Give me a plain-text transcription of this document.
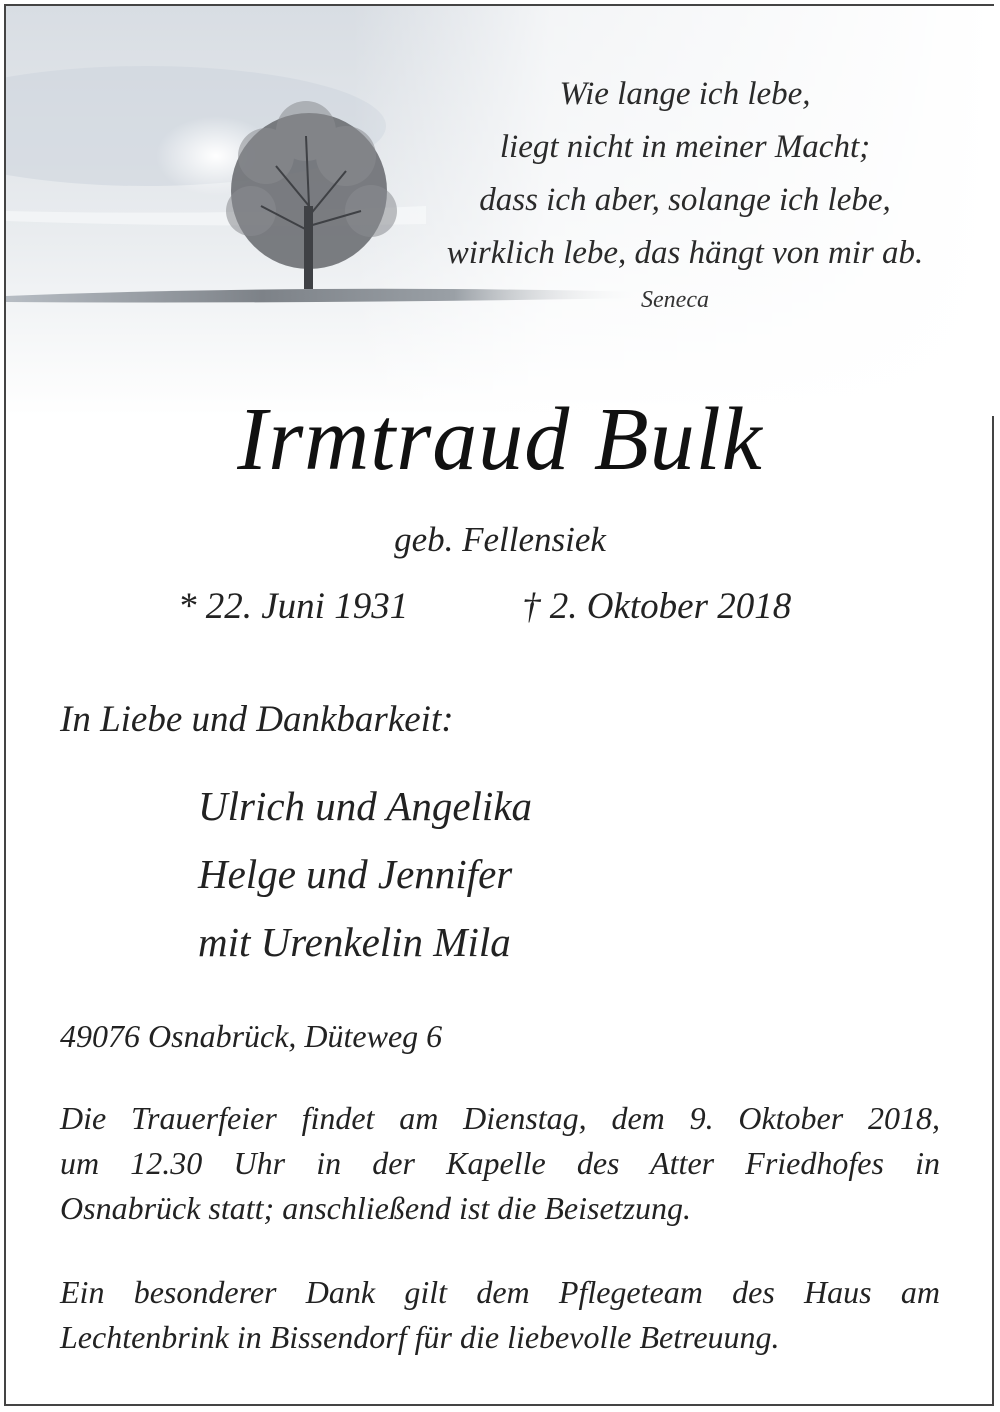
Wie lange ich lebe,
liegt nicht in meiner Macht;
dass ich aber, solange ich lebe,
wirklich lebe, das hängt von mir ab.
Seneca
Irmtraud Bulk
geb. Fellensiek
* 22. Juni 1931	† 2. Oktober 2018
In Liebe und Dankbarkeit:
Ulrich und Angelika
Helge und Jennifer
mit Urenkelin Mila
49076 Osnabrück, Düteweg 6
Die Trauerfeier findet am Dienstag, dem 9. Oktober 2018,
um 12.30 Uhr in der Kapelle des Atter Friedhofes in
Osnabrück statt; anschließend ist die Beisetzung.
Ein besonderer Dank gilt dem Pflegeteam des Haus am
Lechtenbrink in Bissendorf für die liebevolle Betreuung.
